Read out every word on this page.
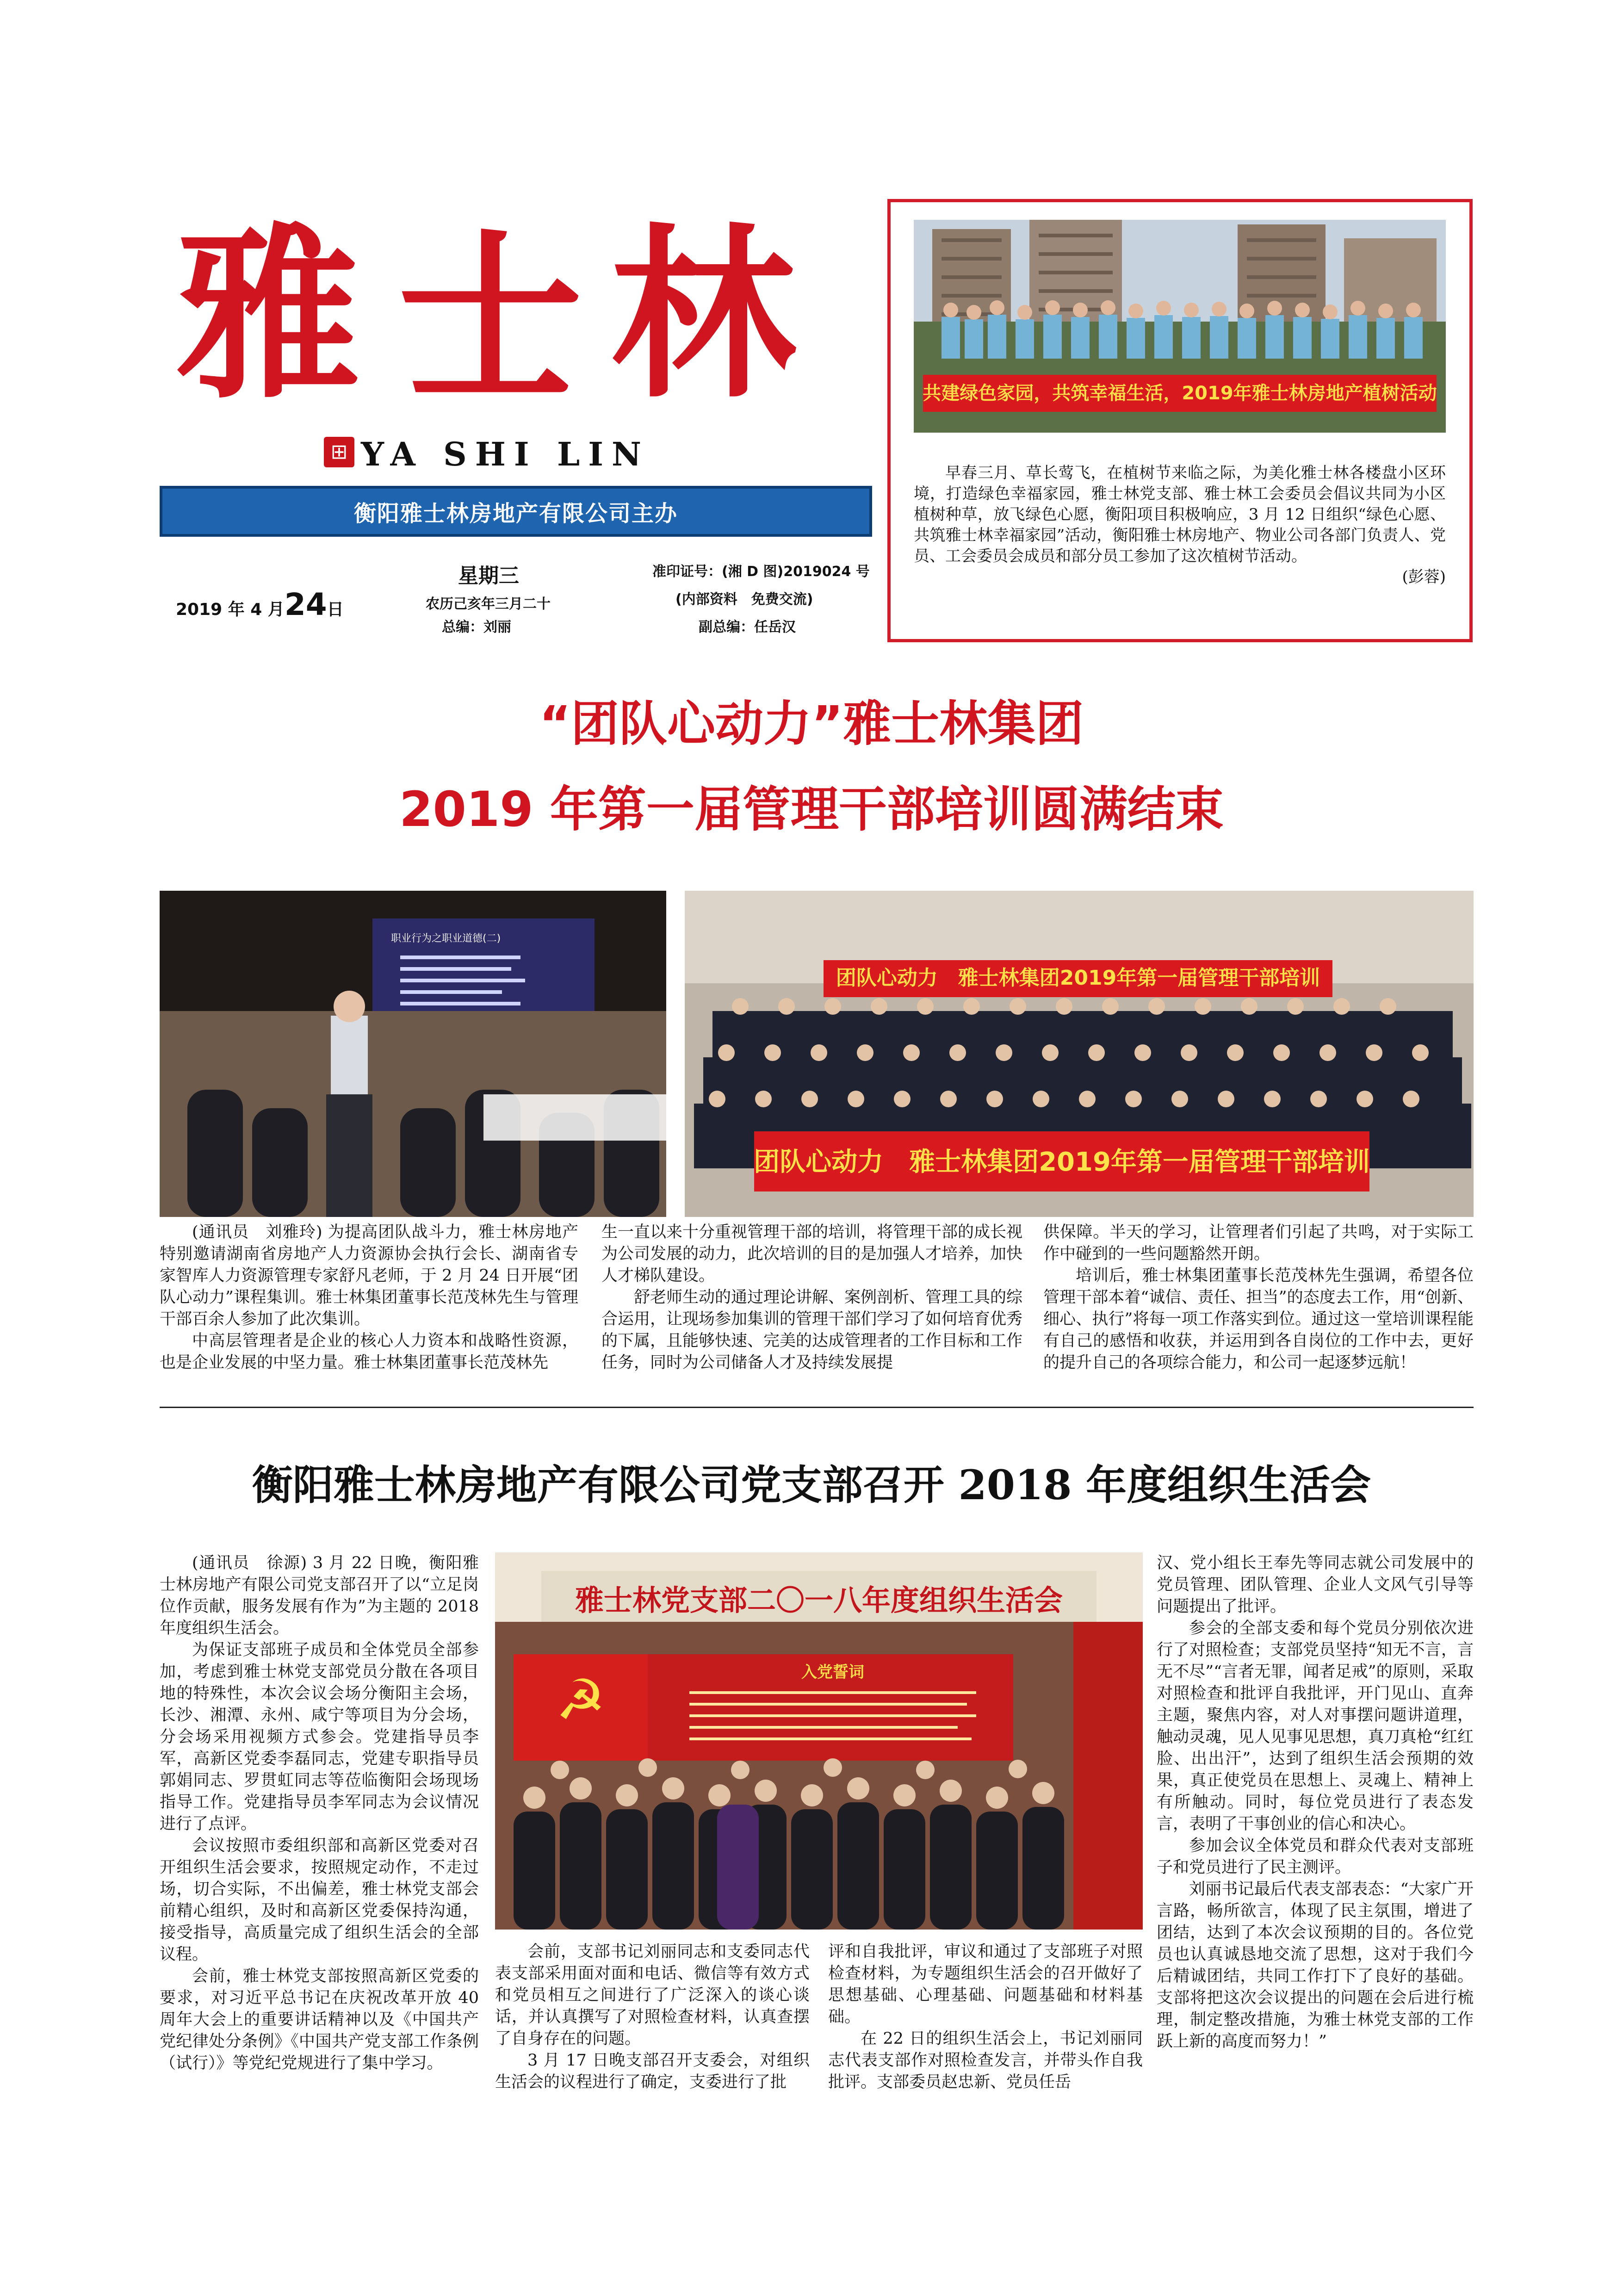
雅 士 林
⊞ YA SHI LIN
衡阳雅士林房地产有限公司主办
2019 年 4 月24日
星期三
农历己亥年三月二十
总编：刘丽
准印证号：(湘 D 图)2019024 号
(内部资料　免费交流)
副总编：任岳汉
共建绿色家园，共筑幸福生活，2019年雅士林房地产植树活动

早春三月、草长莺飞，在植树节来临之际，为美化雅士林各楼盘小区环境，打造绿色幸福家园，雅士林党支部、雅士林工会委员会倡议共同为小区植树种草，放飞绿色心愿，衡阳项目积极响应，3 月 12 日组织“绿色心愿、共筑雅士林幸福家园”活动，衡阳雅士林房地产、物业公司各部门负责人、党员、工会委员会成员和部分员工参加了这次植树节活动。

(彭蓉)
“团队心动力”雅士林集团
2019 年第一届管理干部培训圆满结束
职业行为之职业道德(二)
团队心动力　雅士林集团2019年第一届管理干部培训
团队心动力　雅士林集团2019年第一届管理干部培训

(通讯员　刘雅玲) 为提高团队战斗力，雅士林房地产特别邀请湖南省房地产人力资源协会执行会长、湖南省专家智库人力资源管理专家舒凡老师，于 2 月 24 日开展“团队心动力”课程集训。雅士林集团董事长范茂林先生与管理干部百余人参加了此次集训。

中高层管理者是企业的核心人力资本和战略性资源，也是企业发展的中坚力量。雅士林集团董事长范茂林先

生一直以来十分重视管理干部的培训，将管理干部的成长视为公司发展的动力，此次培训的目的是加强人才培养，加快人才梯队建设。

舒老师生动的通过理论讲解、案例剖析、管理工具的综合运用，让现场参加集训的管理干部们学习了如何培育优秀的下属，且能够快速、完美的达成管理者的工作目标和工作任务，同时为公司储备人才及持续发展提

供保障。半天的学习，让管理者们引起了共鸣，对于实际工作中碰到的一些问题豁然开朗。

培训后，雅士林集团董事长范茂林先生强调，希望各位管理干部本着“诚信、责任、担当”的态度去工作，用“创新、细心、执行”将每一项工作落实到位。通过这一堂培训课程能有自己的感悟和收获，并运用到各自岗位的工作中去，更好的提升自己的各项综合能力，和公司一起逐梦远航！

衡阳雅士林房地产有限公司党支部召开 2018 年度组织生活会

(通讯员　徐源) 3 月 22 日晚，衡阳雅士林房地产有限公司党支部召开了以“立足岗位作贡献，服务发展有作为”为主题的 2018 年度组织生活会。

为保证支部班子成员和全体党员全部参加，考虑到雅士林党支部党员分散在各项目地的特殊性，本次会议会场分衡阳主会场，长沙、湘潭、永州、咸宁等项目为分会场，分会场采用视频方式参会。党建指导员李军，高新区党委李磊同志，党建专职指导员郭娟同志、罗贯虹同志等莅临衡阳会场现场指导工作。党建指导员李军同志为会议情况进行了点评。

会议按照市委组织部和高新区党委对召开组织生活会要求，按照规定动作，不走过场，切合实际，不出偏差，雅士林党支部会前精心组织，及时和高新区党委保持沟通，接受指导，高质量完成了组织生活会的全部议程。

会前，雅士林党支部按照高新区党委的要求，对习近平总书记在庆祝改革开放 40 周年大会上的重要讲话精神以及《中国共产党纪律处分条例》《中国共产党支部工作条例（试行）》等党纪党规进行了集中学习。

雅士林党支部二〇一八年度组织生活会
☭	入党誓词

会前，支部书记刘丽同志和支委同志代表支部采用面对面和电话、微信等有效方式和党员相互之间进行了广泛深入的谈心谈话，并认真撰写了对照检查材料，认真查摆了自身存在的问题。

3 月 17 日晚支部召开支委会，对组织生活会的议程进行了确定，支委进行了批

评和自我批评，审议和通过了支部班子对照检查材料，为专题组织生活会的召开做好了思想基础、心理基础、问题基础和材料基础。

在 22 日的组织生活会上，书记刘丽同志代表支部作对照检查发言，并带头作自我批评。支部委员赵忠新、党员任岳

汉、党小组长王奉先等同志就公司发展中的党员管理、团队管理、企业人文风气引导等问题提出了批评。

参会的全部支委和每个党员分别依次进行了对照检查；支部党员坚持“知无不言，言无不尽”“言者无罪，闻者足戒”的原则，采取对照检查和批评自我批评，开门见山、直奔主题，聚焦内容，对人对事摆问题讲道理，触动灵魂，见人见事见思想，真刀真枪“红红脸、出出汗”，达到了组织生活会预期的效果，真正使党员在思想上、灵魂上、精神上有所触动。同时，每位党员进行了表态发言，表明了干事创业的信心和决心。

参加会议全体党员和群众代表对支部班子和党员进行了民主测评。

刘丽书记最后代表支部表态：“大家广开言路，畅所欲言，体现了民主氛围，增进了团结，达到了本次会议预期的目的。各位党员也认真诚恳地交流了思想，这对于我们今后精诚团结，共同工作打下了良好的基础。支部将把这次会议提出的问题在会后进行梳理，制定整改措施，为雅士林党支部的工作跃上新的高度而努力！”
